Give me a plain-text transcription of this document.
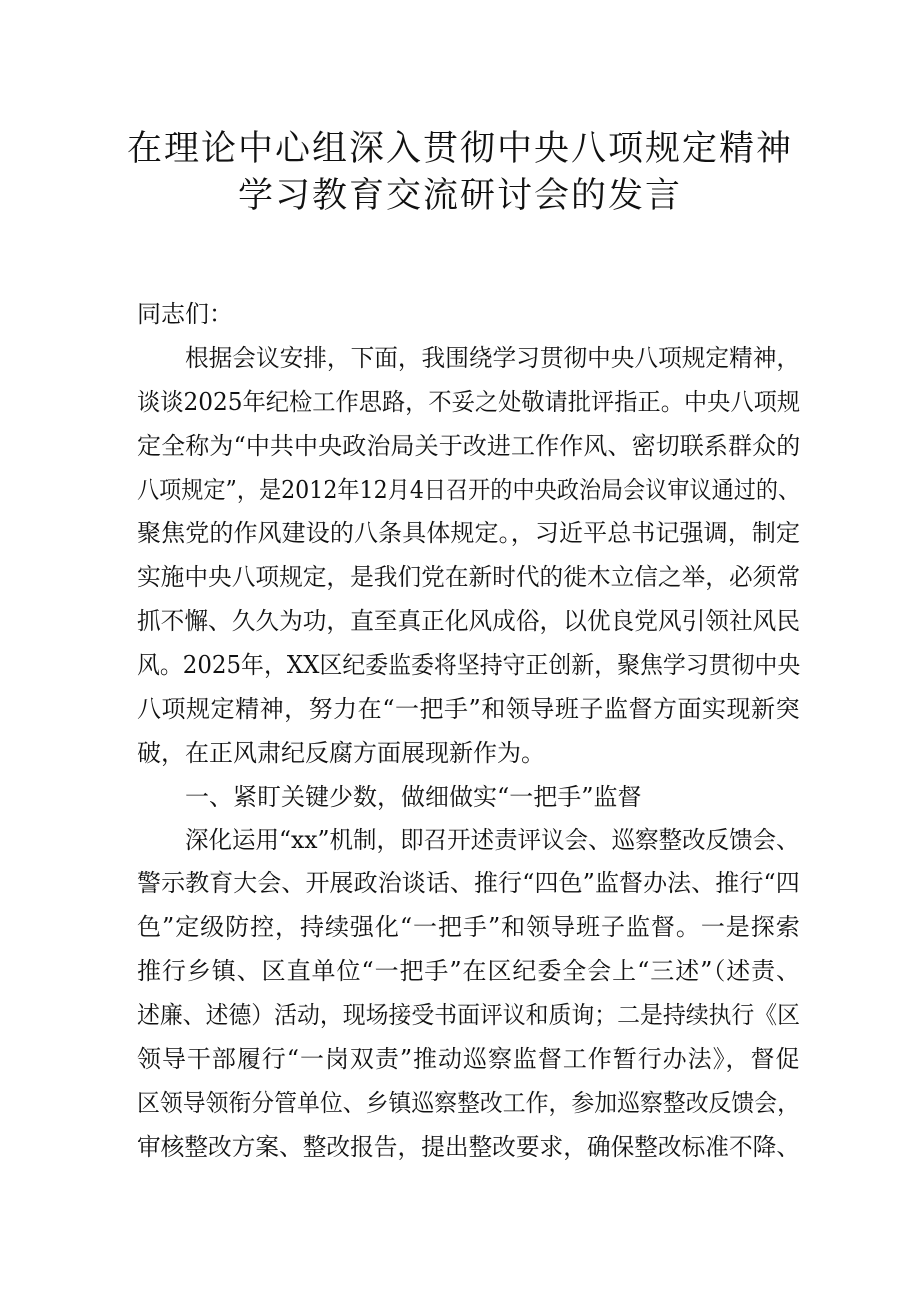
在理论中心组深入贯彻中央八项规定精神
学习教育交流研讨会的发言

同志们：

根据会议安排，下面，我围绕学习贯彻中央八项规定精神，

谈谈2025年纪检工作思路，不妥之处敬请批评指正。中央八项规

定全称为“中共中央政治局关于改进工作作风、密切联系群众的

八项规定”，是2012年12月4日召开的中央政治局会议审议通过的、

聚焦党的作风建设的八条具体规定。，习近平总书记强调，制定

实施中央八项规定，是我们党在新时代的徙木立信之举，必须常

抓不懈、久久为功，直至真正化风成俗，以优良党风引领社风民

风。2025年，XX区纪委监委将坚持守正创新，聚焦学习贯彻中央

八项规定精神，努力在“一把手”和领导班子监督方面实现新突

破，在正风肃纪反腐方面展现新作为。

一、紧盯关键少数，做细做实“一把手”监督

深化运用“xx”机制，即召开述责评议会、巡察整改反馈会、

警示教育大会、开展政治谈话、推行“四色”监督办法、推行“四

色”定级防控，持续强化“一把手”和领导班子监督。一是探索

推行乡镇、区直单位“一把手”在区纪委全会上“三述”（述责、

述廉、述德）活动，现场接受书面评议和质询；二是持续执行《区

领导干部履行“一岗双责”推动巡察监督工作暂行办法》，督促

区领导领衔分管单位、乡镇巡察整改工作，参加巡察整改反馈会，

审核整改方案、整改报告，提出整改要求，确保整改标准不降、
